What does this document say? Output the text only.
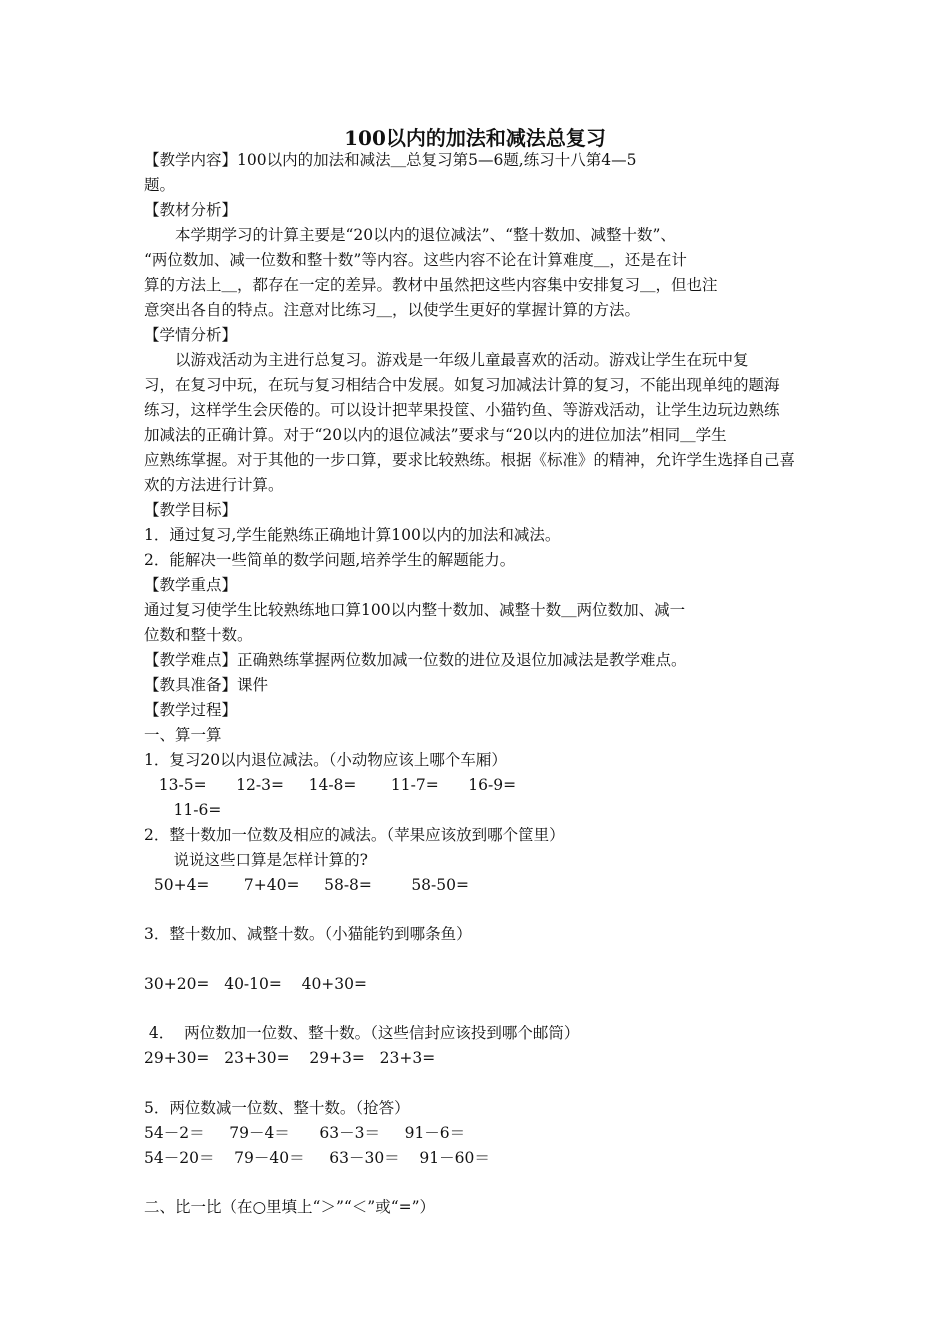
100以内的加法和减法总复习
【教学内容】100以内的加法和减法＿总复习第5—6题,练习十八第4—5
题。
【教材分析】
　　本学期学习的计算主要是“20以内的退位减法”、“整十数加、减整十数”、
“两位数加、减一位数和整十数”等内容。这些内容不论在计算难度＿，还是在计
算的方法上＿，都存在一定的差异。教材中虽然把这些内容集中安排复习＿，但也注
意突出各自的特点。注意对比练习＿，以使学生更好的掌握计算的方法。
【学情分析】
　　以游戏活动为主进行总复习。游戏是一年级儿童最喜欢的活动。游戏让学生在玩中复
习，在复习中玩，在玩与复习相结合中发展。如复习加减法计算的复习，不能出现单纯的题海
练习，这样学生会厌倦的。可以设计把苹果投筐、小猫钓鱼、等游戏活动，让学生边玩边熟练
加减法的正确计算。对于“20以内的退位减法”要求与“20以内的进位加法”相同＿学生
应熟练掌握。对于其他的一步口算，要求比较熟练。根据《标准》的精神，允许学生选择自己喜
欢的方法进行计算。
【教学目标】
1．通过复习,学生能熟练正确地计算100以内的加法和减法。
2．能解决一些简单的数学问题,培养学生的解题能力。
【教学重点】
通过复习使学生比较熟练地口算100以内整十数加、减整十数＿两位数加、减一
位数和整十数。
【教学难点】正确熟练掌握两位数加减一位数的进位及退位加减法是教学难点。
【教具准备】课件
【教学过程】
一、算一算
1．复习20以内退位减法。（小动物应该上哪个车厢）
13-5=      12-3=     14-8=       11-7=      16-9=
11-6=
2．整十数加一位数及相应的减法。（苹果应该放到哪个筐里）
说说这些口算是怎样计算的?
50+4=       7+40=     58-8=        58-50=
3．整十数加、减整十数。（小猫能钓到哪条鱼）
30+20=   40-10=    40+30=
4．  两位数加一位数、整十数。（这些信封应该投到哪个邮筒）
29+30=   23+30=    29+3=   23+3=
5．两位数减一位数、整十数。（抢答）
54－2＝     79－4＝      63－3＝     91－6＝
54－20＝    79－40＝     63－30＝    91－60＝
二、比一比（在○里填上“＞”“＜”或“=”）
